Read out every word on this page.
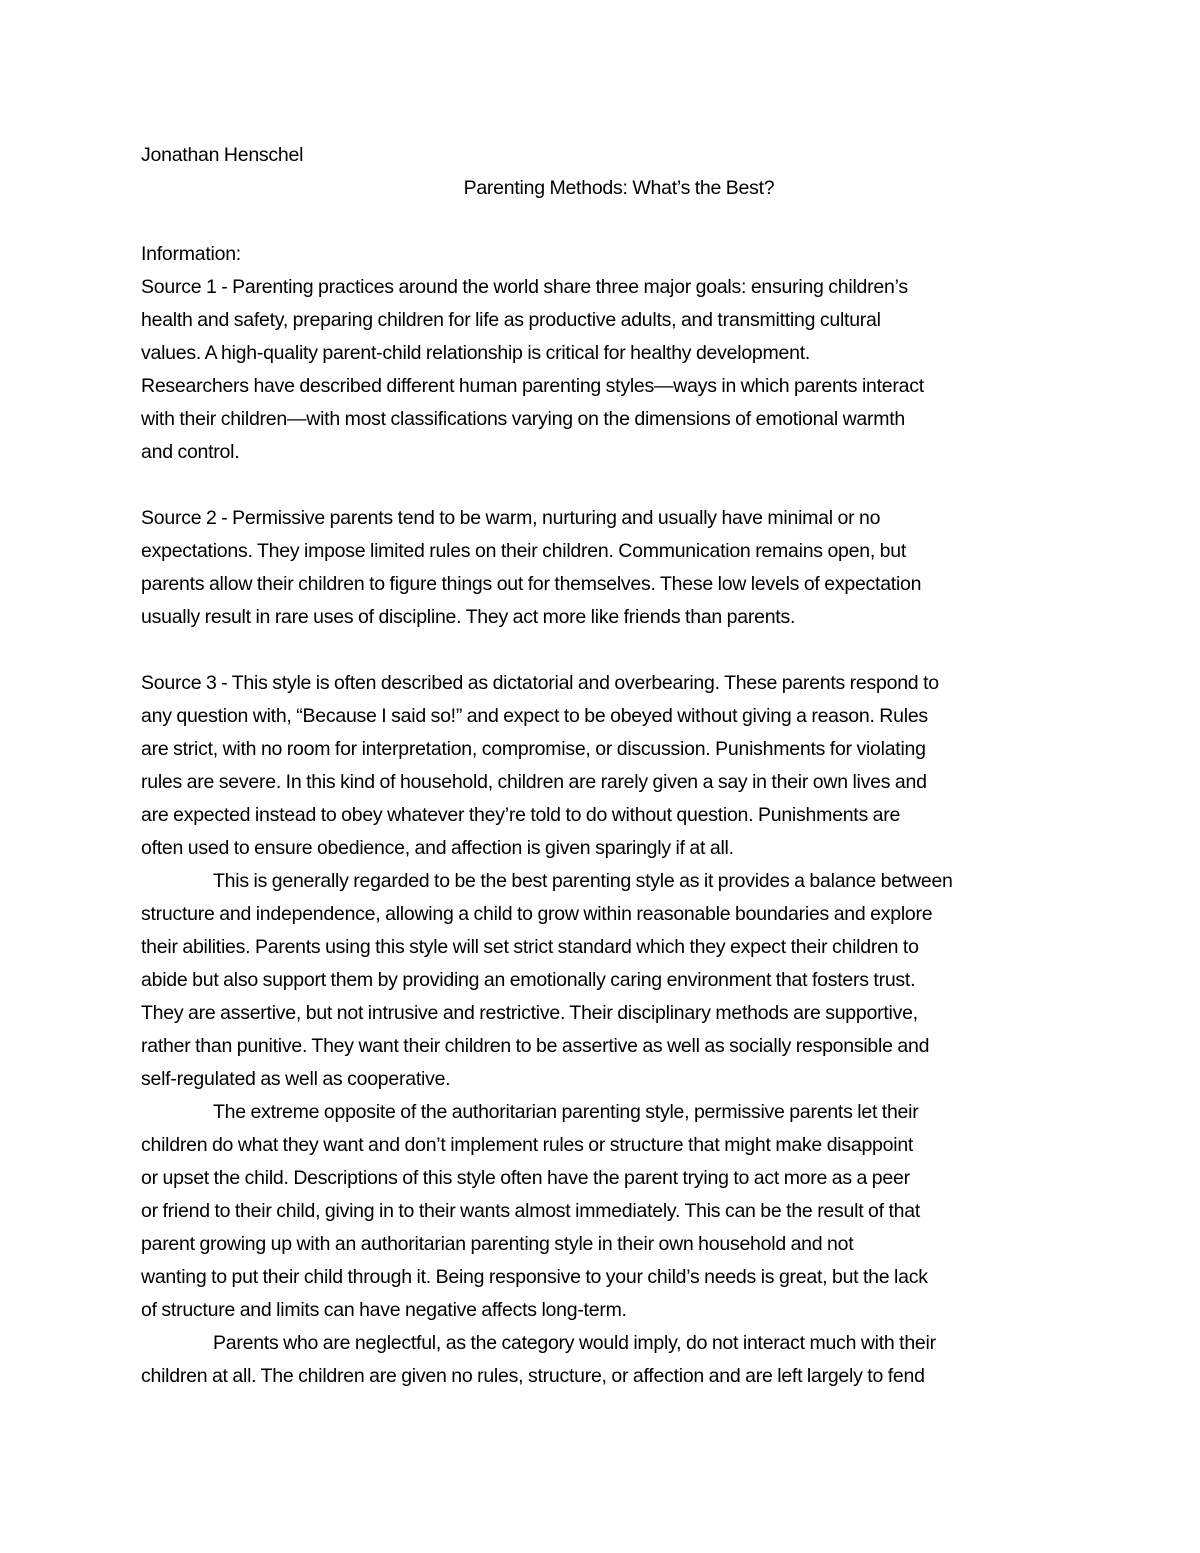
Jonathan Henschel

Parenting Methods: What’s the Best?

Information:

Source 1 - Parenting practices around the world share three major goals: ensuring children’s

health and safety, preparing children for life as productive adults, and transmitting cultural

values. A high-quality parent-child relationship is critical for healthy development.

Researchers have described different human parenting styles—ways in which parents interact

with their children—with most classifications varying on the dimensions of emotional warmth

and control.

Source 2 - Permissive parents tend to be warm, nurturing and usually have minimal or no

expectations. They impose limited rules on their children. Communication remains open, but

parents allow their children to figure things out for themselves. These low levels of expectation

usually result in rare uses of discipline. They act more like friends than parents.

Source 3 - This style is often described as dictatorial and overbearing. These parents respond to

any question with, “Because I said so!” and expect to be obeyed without giving a reason. Rules

are strict, with no room for interpretation, compromise, or discussion. Punishments for violating

rules are severe. In this kind of household, children are rarely given a say in their own lives and

are expected instead to obey whatever they’re told to do without question. Punishments are

often used to ensure obedience, and affection is given sparingly if at all.

This is generally regarded to be the best parenting style as it provides a balance between

structure and independence, allowing a child to grow within reasonable boundaries and explore

their abilities. Parents using this style will set strict standard which they expect their children to

abide but also support them by providing an emotionally caring environment that fosters trust.

They are assertive, but not intrusive and restrictive. Their disciplinary methods are supportive,

rather than punitive. They want their children to be assertive as well as socially responsible and

self-regulated as well as cooperative.

The extreme opposite of the authoritarian parenting style, permissive parents let their

children do what they want and don’t implement rules or structure that might make disappoint

or upset the child. Descriptions of this style often have the parent trying to act more as a peer

or friend to their child, giving in to their wants almost immediately. This can be the result of that

parent growing up with an authoritarian parenting style in their own household and not

wanting to put their child through it. Being responsive to your child’s needs is great, but the lack

of structure and limits can have negative affects long-term.

Parents who are neglectful, as the category would imply, do not interact much with their

children at all. The children are given no rules, structure, or affection and are left largely to fend
